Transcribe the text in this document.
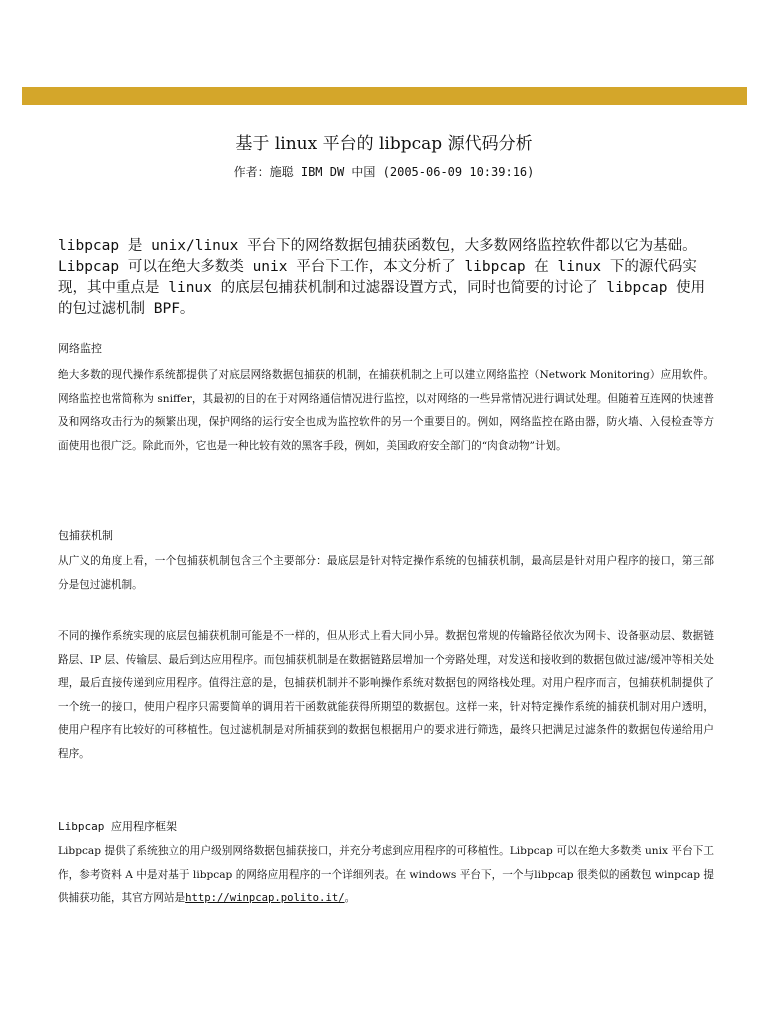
基于 linux 平台的 libpcap 源代码分析
作者：施聪 IBM DW 中国 (2005-06-09 10:39:16)

libpcap 是 unix/linux 平台下的网络数据包捕获函数包，大多数网络监控软件都以它为基础。Libpcap 可以在绝大多数类 unix 平台下工作，本文分析了 libpcap 在 linux 下的源代码实现，其中重点是 linux 的底层包捕获机制和过滤器设置方式，同时也简要的讨论了 libpcap 使用的包过滤机制 BPF。

网络监控

绝大多数的现代操作系统都提供了对底层网络数据包捕获的机制，在捕获机制之上可以建立网络监控（Network Monitoring）应用软件。网络监控也常简称为 sniffer，其最初的目的在于对网络通信情况进行监控，以对网络的一些异常情况进行调试处理。但随着互连网的快速普及和网络攻击行为的频繁出现，保护网络的运行安全也成为监控软件的另一个重要目的。例如，网络监控在路由器，防火墙、入侵检查等方面使用也很广泛。除此而外，它也是一种比较有效的黑客手段，例如，美国政府安全部门的“肉食动物”计划。

包捕获机制

从广义的角度上看，一个包捕获机制包含三个主要部分：最底层是针对特定操作系统的包捕获机制，最高层是针对用户程序的接口，第三部分是包过滤机制。

不同的操作系统实现的底层包捕获机制可能是不一样的，但从形式上看大同小异。数据包常规的传输路径依次为网卡、设备驱动层、数据链路层、IP 层、传输层、最后到达应用程序。而包捕获机制是在数据链路层增加一个旁路处理，对发送和接收到的数据包做过滤/缓冲等相关处理，最后直接传递到应用程序。值得注意的是，包捕获机制并不影响操作系统对数据包的网络栈处理。对用户程序而言，包捕获机制提供了一个统一的接口，使用户程序只需要简单的调用若干函数就能获得所期望的数据包。这样一来，针对特定操作系统的捕获机制对用户透明，使用户程序有比较好的可移植性。包过滤机制是对所捕获到的数据包根据用户的要求进行筛选，最终只把满足过滤条件的数据包传递给用户程序。

Libpcap 应用程序框架

Libpcap 提供了系统独立的用户级别网络数据包捕获接口，并充分考虑到应用程序的可移植性。Libpcap 可以在绝大多数类 unix 平台下工作，参考资料 A 中是对基于 libpcap 的网络应用程序的一个详细列表。在 windows 平台下，一个与libpcap 很类似的函数包 winpcap 提供捕获功能，其官方网站是http://winpcap.polito.it/。
